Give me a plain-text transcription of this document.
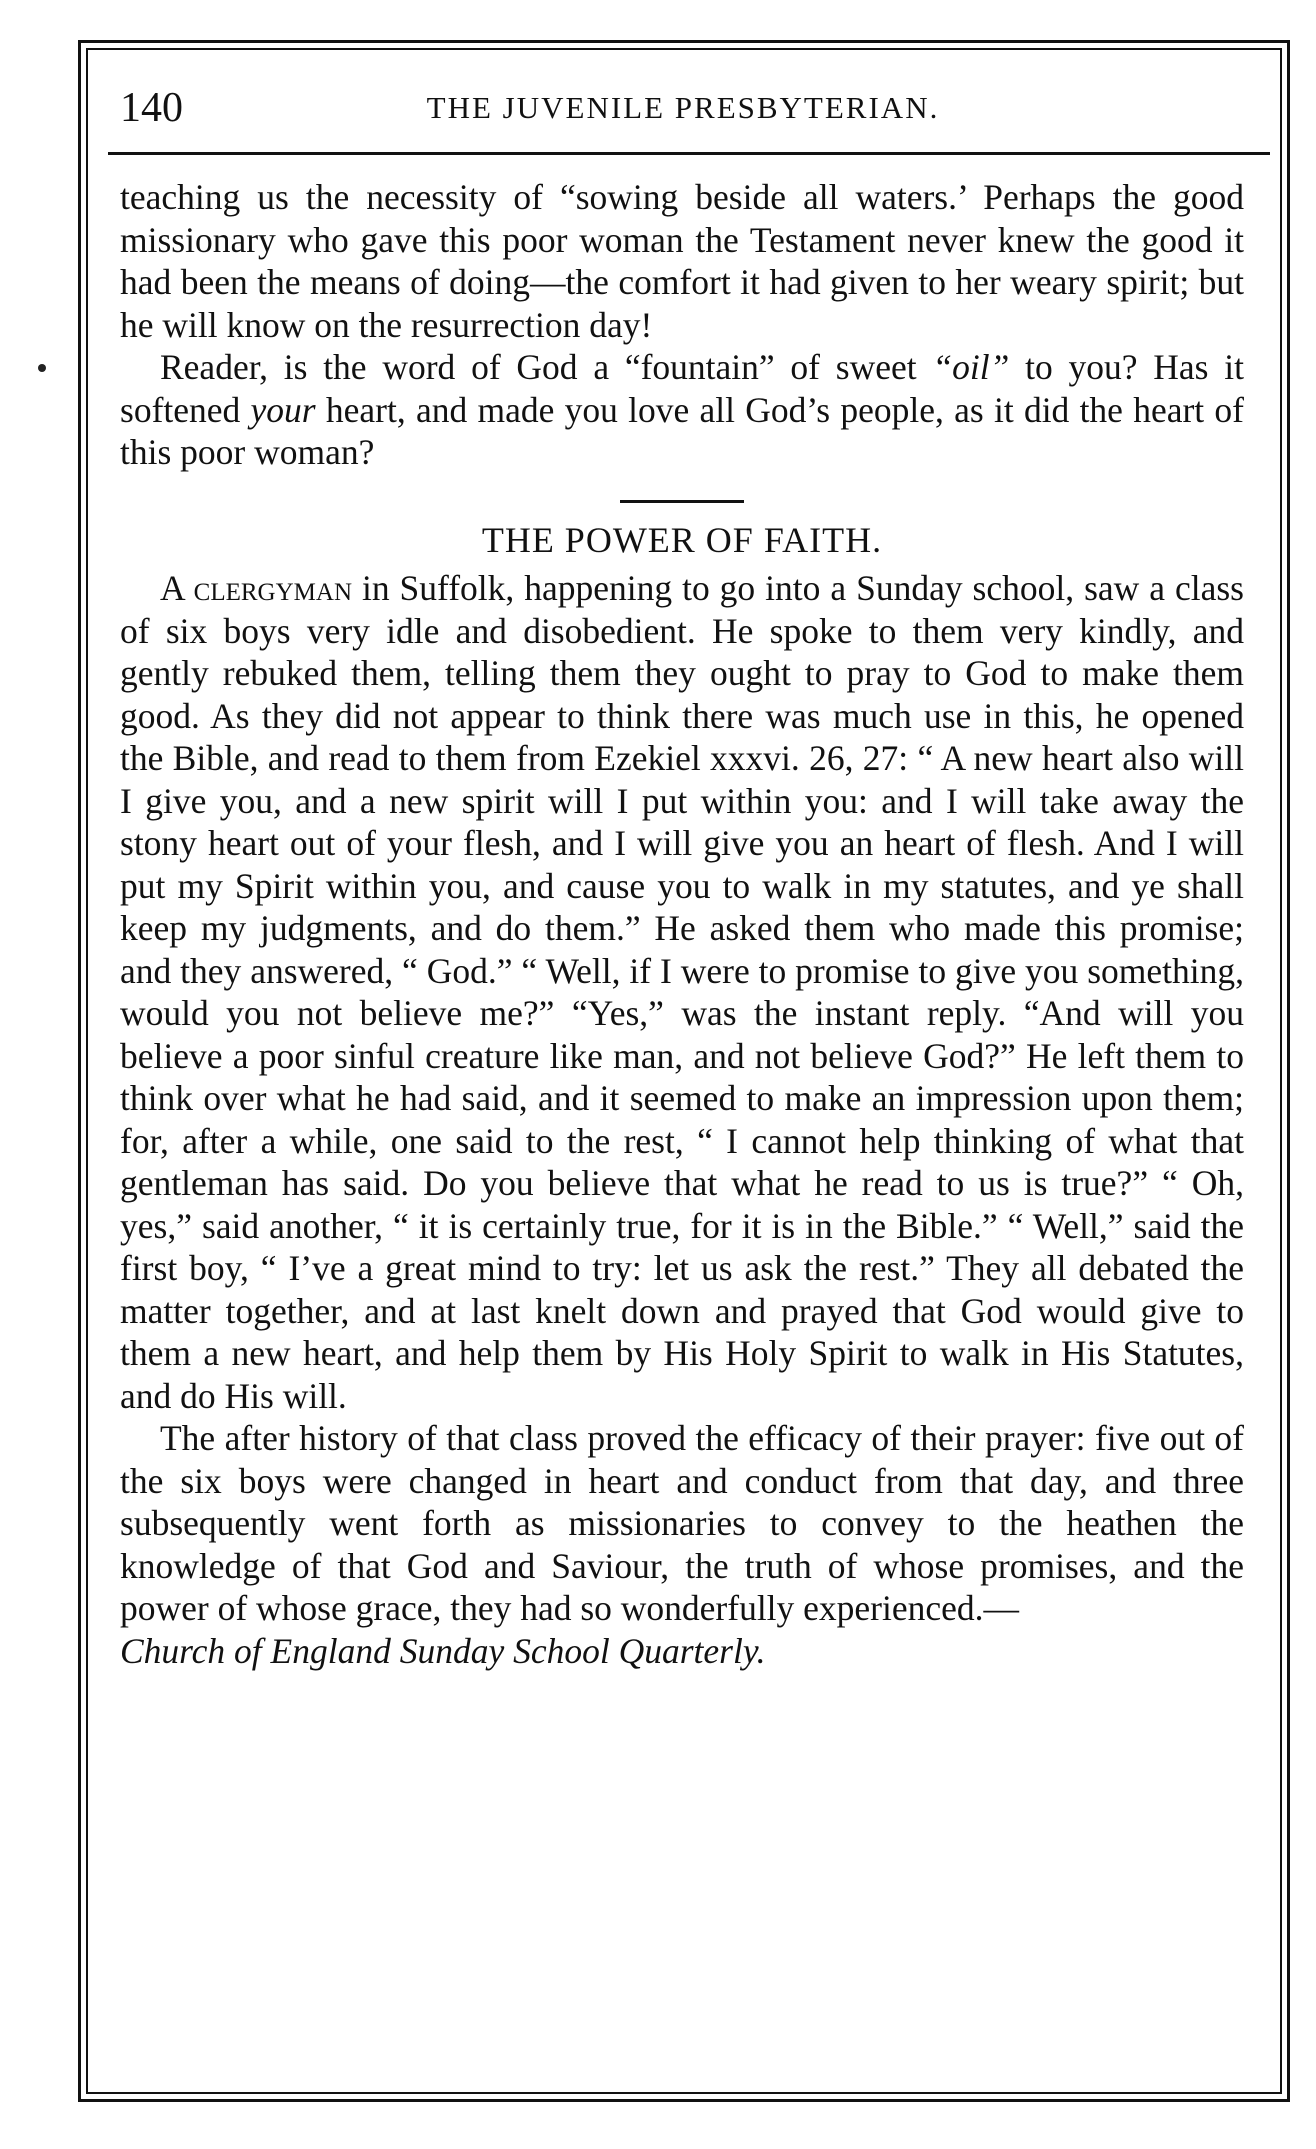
140	THE JUVENILE PRESBYTERIAN.

teaching us the necessity of “sowing beside all waters.’ Perhaps the good missionary who gave this poor woman the Testament never knew the good it had been the means of doing—the comfort it had given to her weary spirit; but he will know on the resurrection day!

Reader, is the word of God a “fountain” of sweet “oil” to you? Has it softened your heart, and made you love all God’s people, as it did the heart of this poor woman?

THE POWER OF FAITH.

A clergyman in Suffolk, happening to go into a Sunday school, saw a class of six boys very idle and disobedient. He spoke to them very kindly, and gently rebuked them, telling them they ought to pray to God to make them good. As they did not appear to think there was much use in this, he opened the Bible, and read to them from Ezekiel xxxvi. 26, 27: “ A new heart also will I give you, and a new spirit will I put within you: and I will take away the stony heart out of your flesh, and I will give you an heart of flesh. And I will put my Spirit within you, and cause you to walk in my statutes, and ye shall keep my judgments, and do them.” He asked them who made this promise; and they answered, “ God.” “ Well, if I were to promise to give you something, would you not believe me?” “Yes,” was the instant reply. “And will you believe a poor sinful creature like man, and not believe God?” He left them to think over what he had said, and it seemed to make an impression upon them; for, after a while, one said to the rest, “ I cannot help thinking of what that gentleman has said. Do you believe that what he read to us is true?” “ Oh, yes,” said another, “ it is certainly true, for it is in the Bible.” “ Well,” said the first boy, “ I’ve a great mind to try: let us ask the rest.” They all debated the matter together, and at last knelt down and prayed that God would give to them a new heart, and help them by His Holy Spirit to walk in His Statutes, and do His will.

The after history of that class proved the efficacy of their prayer: five out of the six boys were changed in heart and conduct from that day, and three subsequently went forth as missionaries to convey to the heathen the knowledge of that God and Saviour, the truth of whose promises, and the power of whose grace, they had so wonderfully experienced.—

Church of England Sunday School Quarterly.
